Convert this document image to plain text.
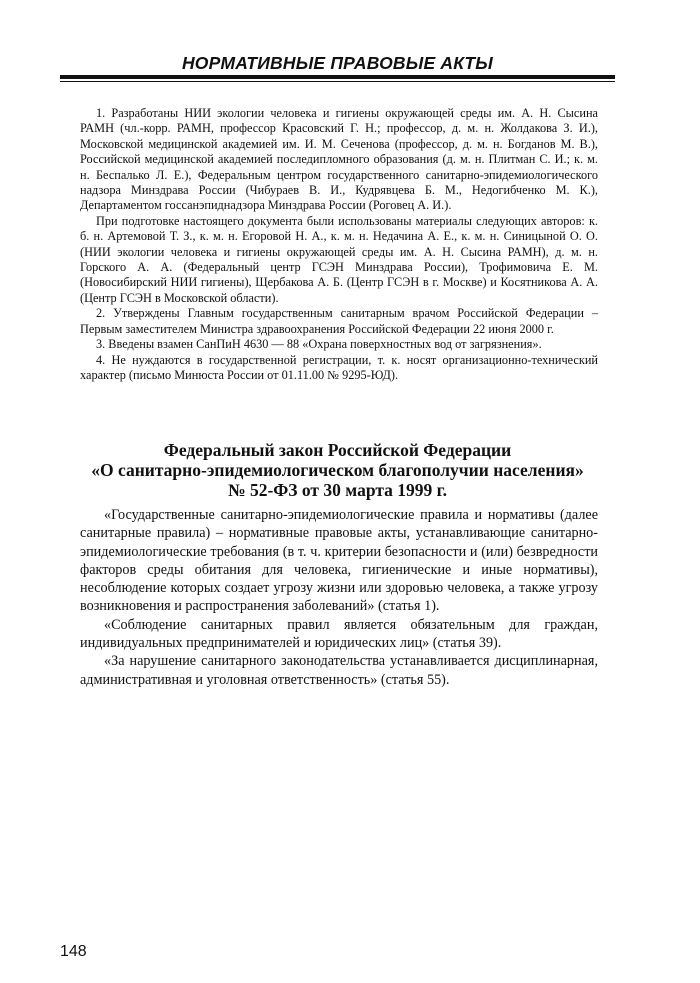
НОРМАТИВНЫЕ ПРАВОВЫЕ АКТЫ

1. Разработаны НИИ экологии человека и гигиены окружающей среды им. А. Н. Сысина РАМН (чл.-корр. РАМН, профессор Красовский Г. Н.; профессор, д. м. н. Жолдакова З. И.), Московской медицинской академией им. И. М. Сеченова (профессор, д. м. н. Богданов М. В.), Российской медицинской академией последипломного образования (д. м. н. Плитман С. И.; к. м. н. Беспалько Л. Е.), Федеральным центром государственного санитарно-эпидемиологического надзора Минздрава России (Чибураев В. И., Кудрявцева Б. М., Недогибченко М. К.), Департаментом госсанэпиднадзора Минздрава России (Роговец А. И.).

При подготовке настоящего документа были использованы материалы следующих авторов: к. б. н. Артемовой Т. З., к. м. н. Егоровой Н. А., к. м. н. Недачина А. Е., к. м. н. Синицыной О. О. (НИИ экологии человека и гигиены окружающей среды им. А. Н. Сысина РАМН), д. м. н. Горского А. А. (Федеральный центр ГСЭН Минздрава России), Трофимовича Е. М. (Новосибирский НИИ гигиены), Щербакова А. Б. (Центр ГСЭН в г. Москве) и Косятникова А. А. (Центр ГСЭН в Московской области).

2. Утверждены Главным государственным санитарным врачом Российской Федерации – Первым заместителем Министра здравоохранения Российской Федерации 22 июня 2000 г.

3. Введены взамен СанПиН 4630 — 88 «Охрана поверхностных вод от загрязнения».

4. Не нуждаются в государственной регистрации, т. к. носят организационно-технический характер (письмо Минюста России от 01.11.00 № 9295-ЮД).

Федеральный закон Российской Федерации
«О санитарно-эпидемиологическом благополучии населения»
№ 52-ФЗ от 30 марта 1999 г.

«Государственные санитарно-эпидемиологические правила и нормативы (далее санитарные правила) – нормативные правовые акты, устанавливающие санитарно-эпидемиологические требования (в т. ч. критерии безопасности и (или) безвредности факторов среды обитания для человека, гигиенические и иные нормативы), несоблюдение которых создает угрозу жизни или здоровью человека, а также угрозу возникновения и распространения заболеваний» (статья 1).

«Соблюдение санитарных правил является обязательным для граждан, индивидуальных предпринимателей и юридических лиц» (статья 39).

«За нарушение санитарного законодательства устанавливается дисциплинарная, административная и уголовная ответственность» (статья 55).

148
